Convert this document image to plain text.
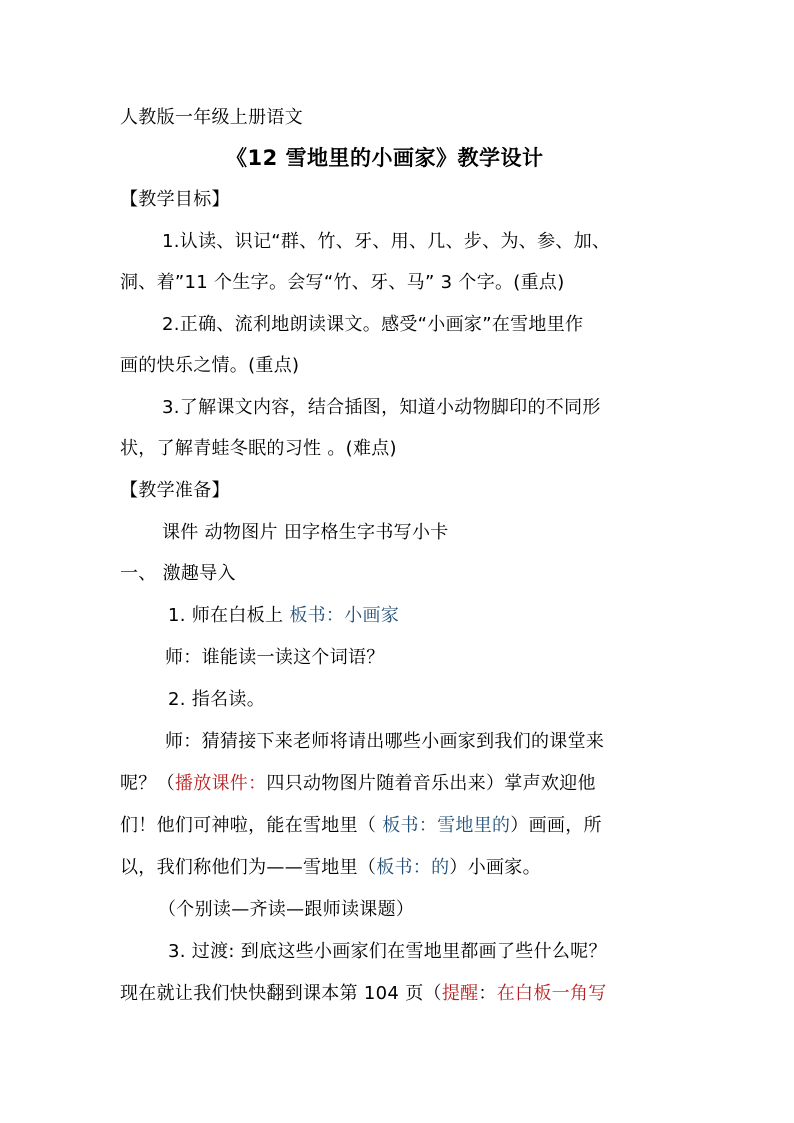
人教版一年级上册语文
《12 雪地里的小画家》教学设计
【教学目标】
1.认读、识记“群、竹、牙、用、几、步、为、参、加、
洞、着”11 个生字。会写“竹、牙、马” 3 个字。(重点)
2.正确、流利地朗读课文。感受“小画家”在雪地里作
画的快乐之情。(重点)
3.了解课文内容，结合插图，知道小动物脚印的不同形
状，了解青蛙冬眠的习性 。(难点)
【教学准备】
课件 动物图片 田字格生字书写小卡
一、 激趣导入
1. 师在白板上 板书：小画家
师：谁能读一读这个词语？
2. 指名读。
师：猜猜接下来老师将请出哪些小画家到我们的课堂来
呢？（播放课件：四只动物图片随着音乐出来）掌声欢迎他
们！他们可神啦，能在雪地里（ 板书：雪地里的）画画，所
以，我们称他们为——雪地里（板书：的）小画家。
（个别读—齐读—跟师读课题）
3. 过渡: 到底这些小画家们在雪地里都画了些什么呢？
现在就让我们快快翻到课本第 104 页（提醒：在白板一角写
